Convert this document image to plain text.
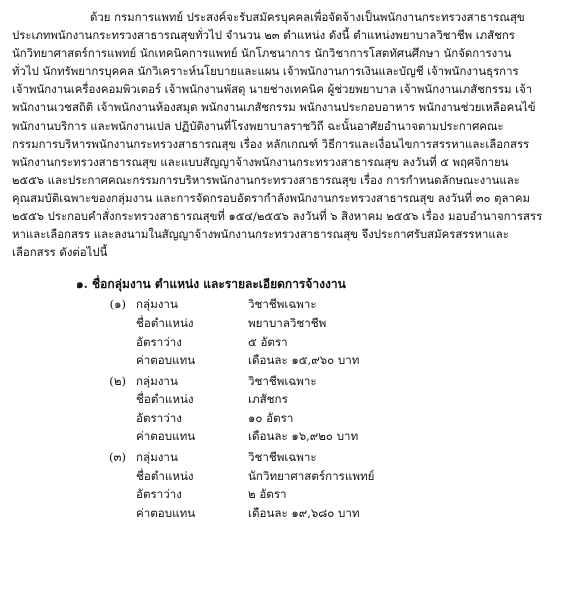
ด้วย กรมการแพทย์ ประสงค์จะรับสมัครบุคคลเพื่อจัดจ้างเป็นพนักงานกระทรวงสาธารณสุข
ประเภทพนักงานกระทรวงสาธารณสุขทั่วไป จำนวน ๒๓ ตำแหน่ง ดังนี้ ตำแหน่งพยาบาลวิชาชีพ เภสัชกร
นักวิทยาศาสตร์การแพทย์ นักเทคนิคการแพทย์ นักโภชนาการ นักวิชาการโสตทัศนศึกษา นักจัดการงาน
ทั่วไป นักทรัพยากรบุคคล นักวิเคราะห์นโยบายและแผน เจ้าพนักงานการเงินและบัญชี เจ้าพนักงานธุรการ
เจ้าพนักงานเครื่องคอมพิวเตอร์ เจ้าพนักงานพัสดุ นายช่างเทคนิค ผู้ช่วยพยาบาล เจ้าพนักงานเภสัชกรรม เจ้า
พนักงานเวชสถิติ เจ้าพนักงานห้องสมุด พนักงานเภสัชกรรม พนักงานประกอบอาหาร พนักงานช่วยเหลือคนไข้
พนักงานบริการ และพนักงานเปล ปฏิบัติงานที่โรงพยาบาลราชวิถี ฉะนั้นอาศัยอำนาจตามประกาศคณะ
กรรมการบริหารพนักงานกระทรวงสาธารณสุข เรื่อง หลักเกณฑ์ วิธีการและเงื่อนไขการสรรหาและเลือกสรร
พนักงานกระทรวงสาธารณสุข และแบบสัญญาจ้างพนักงานกระทรวงสาธารณสุข ลงวันที่ ๕ พฤศจิกายน
๒๕๕๖ และประกาศคณะกรรมการบริหารพนักงานกระทรวงสาธารณสุข เรื่อง การกำหนดลักษณะงานและ
คุณสมบัติเฉพาะของกลุ่มงาน และการจัดกรอบอัตรากำลังพนักงานกระทรวงสาธารณสุข ลงวันที่ ๓๐ ตุลาคม
๒๕๕๖ ประกอบคำสั่งกระทรวงสาธารณสุขที่ ๑๕๔/๒๕๕๖ ลงวันที่ ๖ สิงหาคม ๒๕๕๖ เรื่อง มอบอำนาจการสรร
หาและเลือกสรร และลงนามในสัญญาจ้างพนักงานกระทรวงสาธารณสุข จึงประกาศรับสมัครสรรหาและ
เลือกสรร ดังต่อไปนี้
๑. ชื่อกลุ่มงาน ตำแหน่ง และรายละเอียดการจ้างงาน
(๑) กลุ่มงาน	วิชาชีพเฉพาะ
ชื่อตำแหน่ง	พยาบาลวิชาชีพ
อัตราว่าง	๕ อัตรา
ค่าตอบแทน	เดือนละ ๑๕,๙๖๐ บาท
(๒) กลุ่มงาน	วิชาชีพเฉพาะ
ชื่อตำแหน่ง	เภสัชกร
อัตราว่าง	๑๐ อัตรา
ค่าตอบแทน	เดือนละ ๑๖,๙๒๐ บาท
(๓) กลุ่มงาน	วิชาชีพเฉพาะ
ชื่อตำแหน่ง	นักวิทยาศาสตร์การแพทย์
อัตราว่าง	๒ อัตรา
ค่าตอบแทน	เดือนละ ๑๙,๖๘๐ บาท
